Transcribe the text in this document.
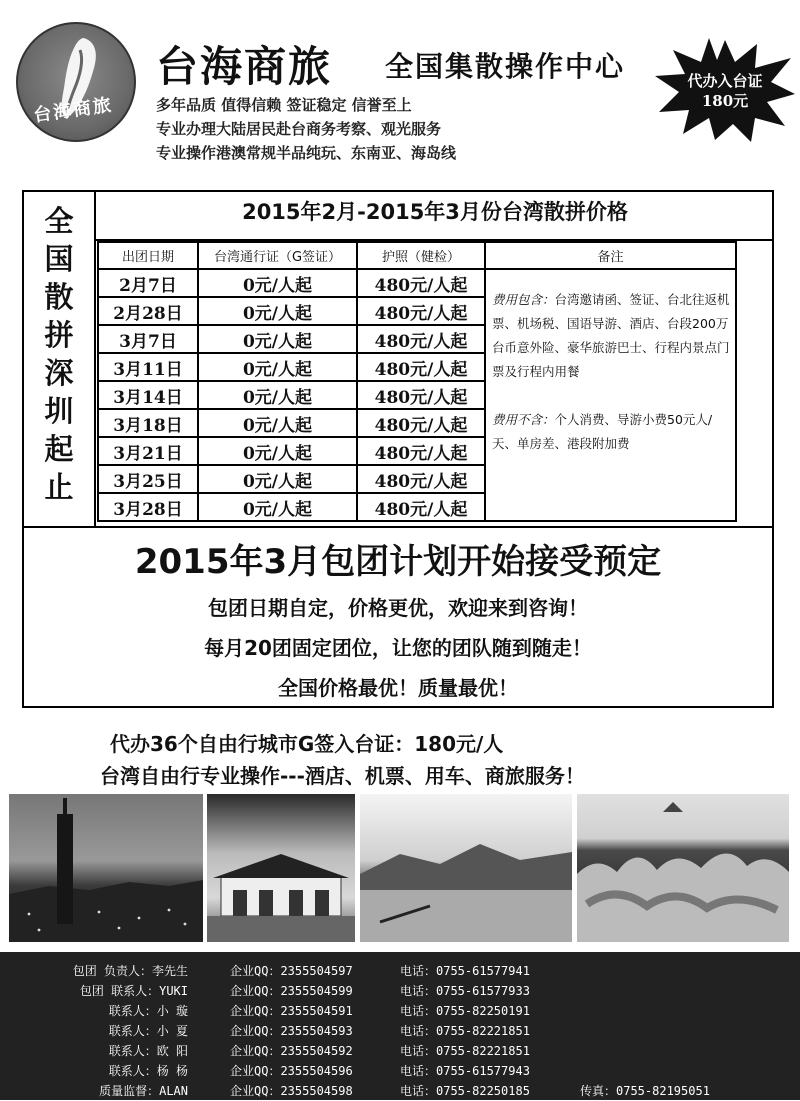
台海商旅
台海商旅 全国集散操作中心
多年品质 值得信赖 签证稳定 信誉至上
专业办理大陆居民赴台商务考察、观光服务
专业操作港澳常规半品纯玩、东南亚、海岛线
代办入台证
180元
全
国
散
拼
深
圳
起
止
2015年2月-2015年3月份台湾散拼价格
出团日期	台湾通行证（G签证）	护照（健检）	备注
2月7日	0元/人起	480元/人起	费用包含：台湾邀请函、签证、台北往返机票、机场税、国语导游、酒店、台段200万台币意外险、豪华旅游巴士、行程内景点门票及行程内用餐
费用不含：个人消费、导游小费50元人/天、单房差、港段附加费
2月28日	0元/人起	480元/人起	
3月7日	0元/人起	480元/人起	
3月11日	0元/人起	480元/人起	
3月14日	0元/人起	480元/人起	
3月18日	0元/人起	480元/人起	
3月21日	0元/人起	480元/人起	
3月25日	0元/人起	480元/人起	
3月28日	0元/人起	480元/人起	
2015年3月包团计划开始接受预定
包团日期自定，价格更优，欢迎来到咨询！
每月20团固定团位，让您的团队随到随走！
全国价格最优！质量最优！
代办36个自由行城市G签入台证：180元/人
台湾自由行专业操作---酒店、机票、用车、商旅服务！
包团 负责人：李先生	企业QQ：2355504597	电话：0755-61577941
包团 联系人：YUKI	企业QQ：2355504599	电话：0755-61577933
联系人：小 璇	企业QQ：2355504591	电话：0755-82250191
联系人：小 夏	企业QQ：2355504593	电话：0755-82221851
联系人：欧 阳	企业QQ：2355504592	电话：0755-82221851
联系人：杨 杨	企业QQ：2355504596	电话：0755-61577943
质量监督：ALAN	企业QQ：2355504598	电话：0755-82250185	传真：0755-82195051
